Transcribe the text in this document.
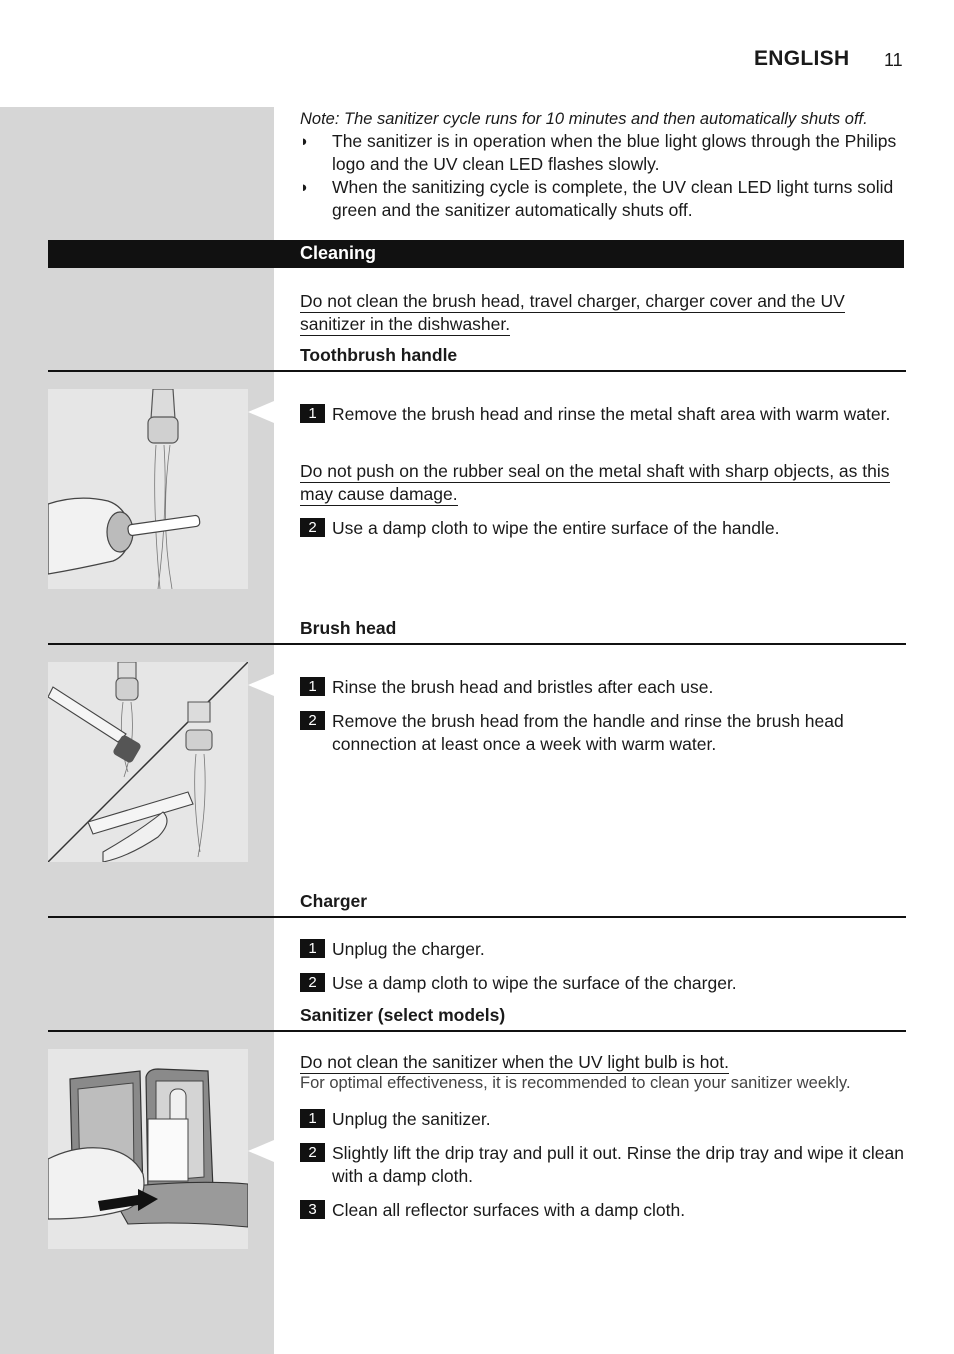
ENGLISH 11
Note: The sanitizer cycle runs for 10 minutes and then automatically shuts off.
◗ The sanitizer is in operation when the blue light glows through the Philips logo and the UV clean LED flashes slowly.
◗ When the sanitizing cycle is complete, the UV clean LED light turns solid green and the sanitizer automatically shuts off.
Cleaning
Do not clean the brush head, travel charger, charger cover and the UV sanitizer in the dishwasher.
Toothbrush handle
1 Remove the brush head and rinse the metal shaft area with warm water.
Do not push on the rubber seal on the metal shaft with sharp objects, as this may cause damage.
2 Use a damp cloth to wipe the entire surface of the handle.
Brush head
1 Rinse the brush head and bristles after each use.
2 Remove the brush head from the handle and rinse the brush head connection at least once a week with warm water.
Charger
1 Unplug the charger.
2 Use a damp cloth to wipe the surface of the charger.
Sanitizer (select models)
Do not clean the sanitizer when the UV light bulb is hot.
For optimal effectiveness, it is recommended to clean your sanitizer weekly.
1 Unplug the sanitizer.
2 Slightly lift the drip tray and pull it out. Rinse the drip tray and wipe it clean with a damp cloth.
3 Clean all reflector surfaces with a damp cloth.
